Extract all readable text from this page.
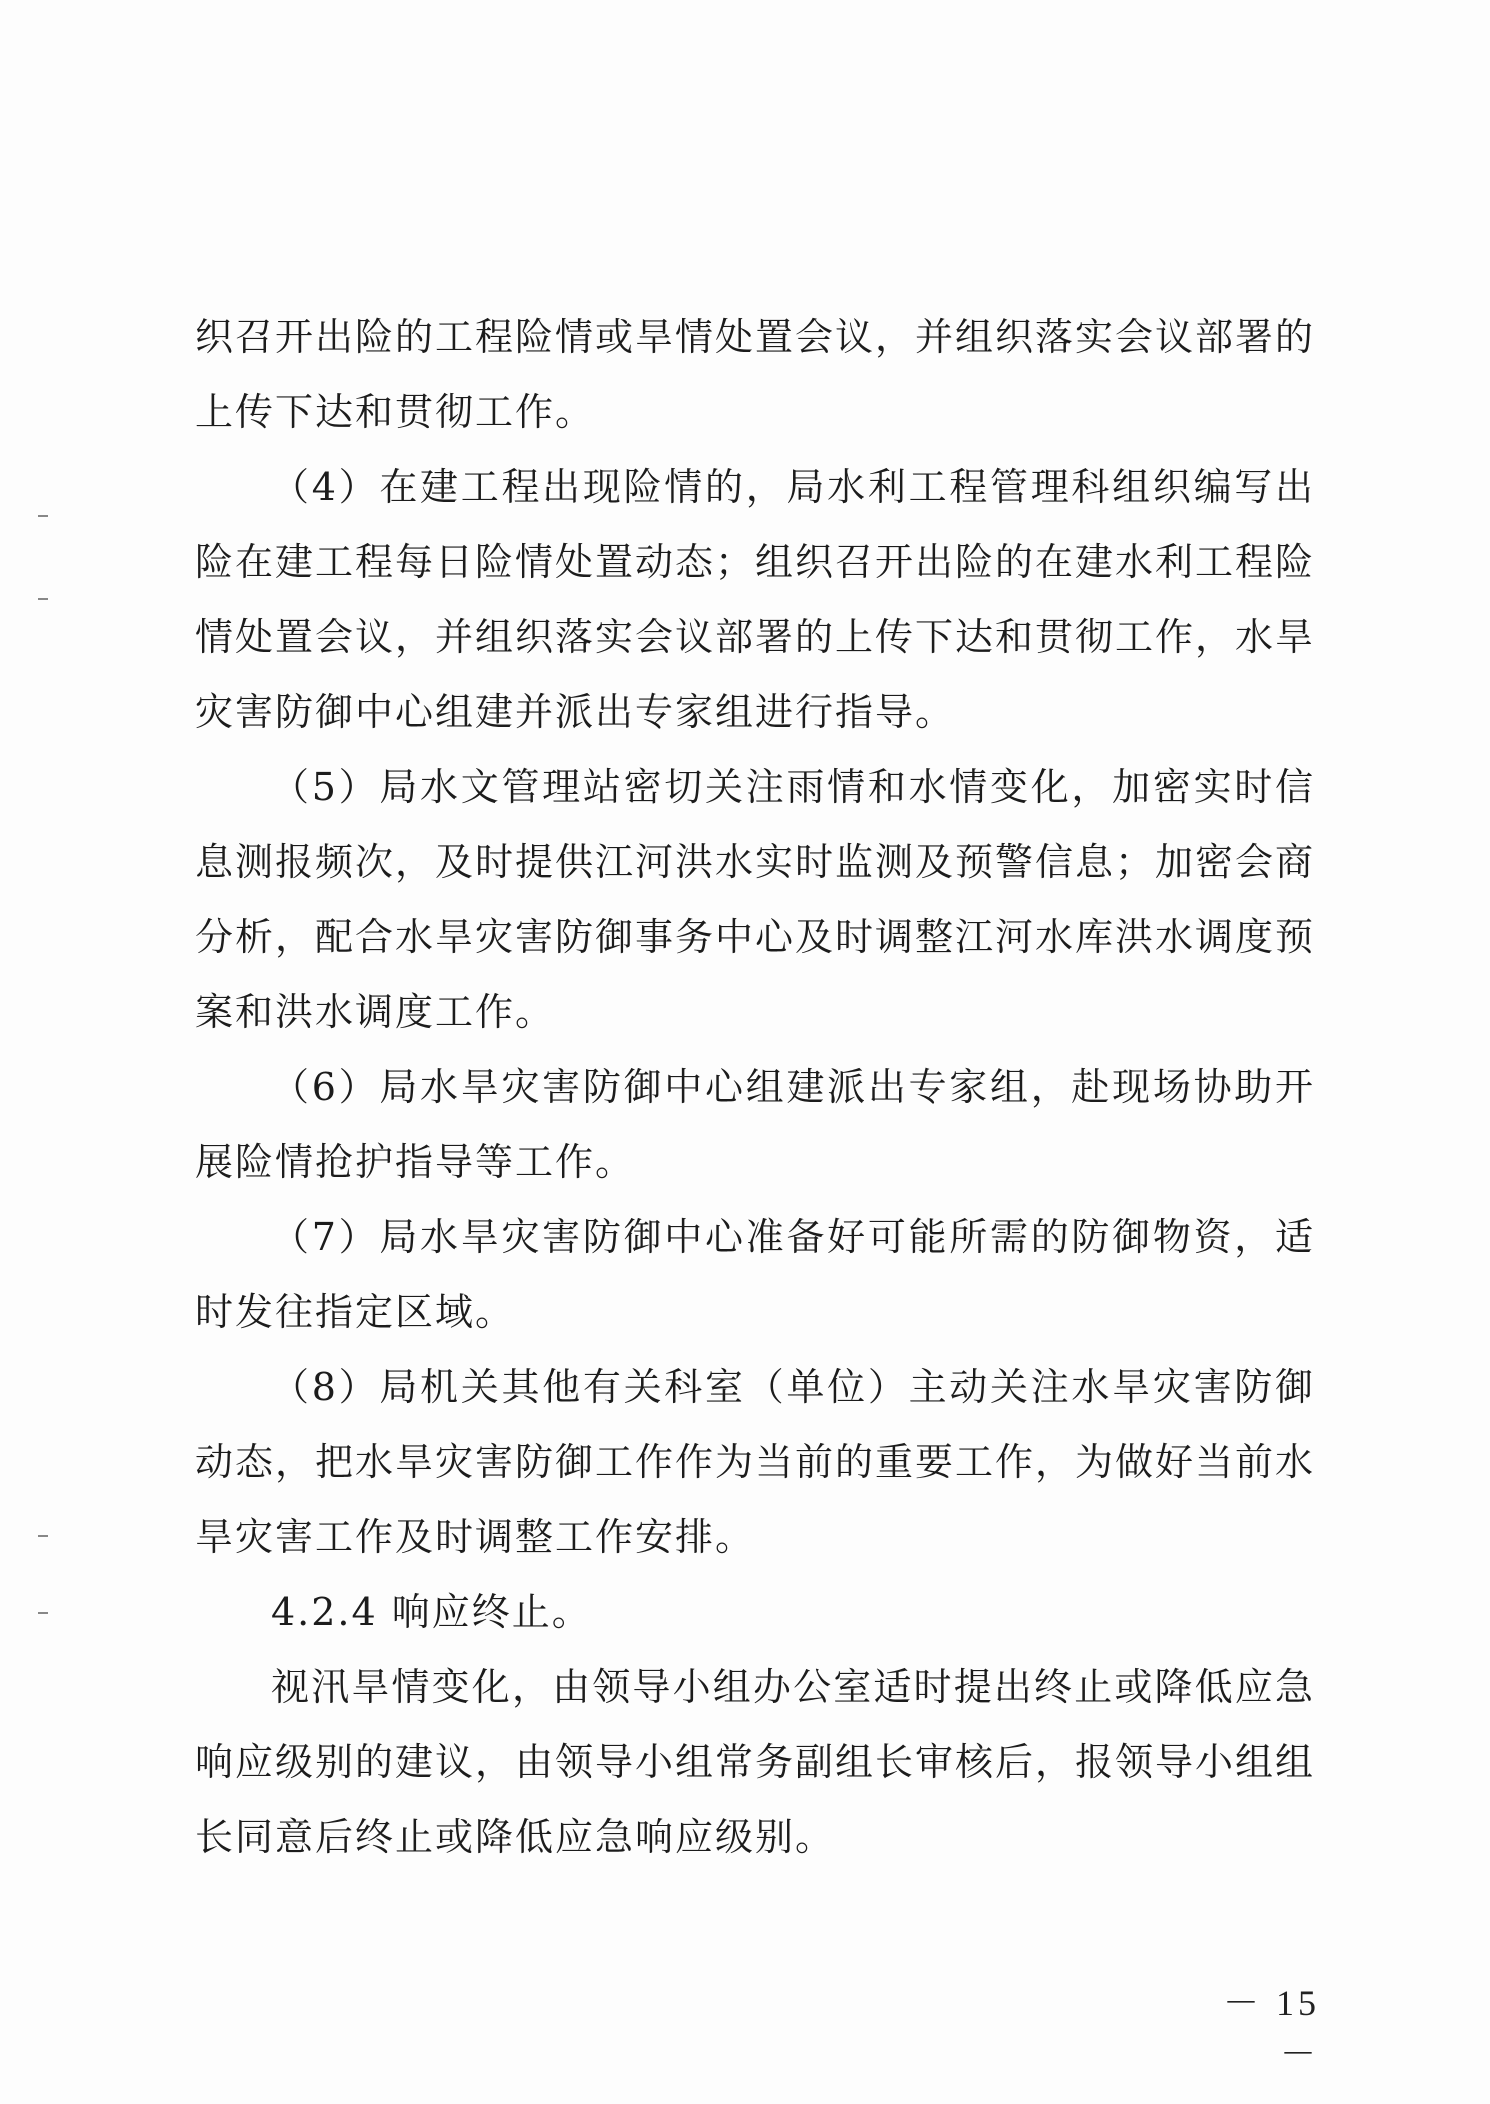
织召开出险的工程险情或旱情处置会议，并组织落实会议部署的上传下达和贯彻工作。

（4）在建工程出现险情的，局水利工程管理科组织编写出险在建工程每日险情处置动态；组织召开出险的在建水利工程险情处置会议，并组织落实会议部署的上传下达和贯彻工作，水旱灾害防御中心组建并派出专家组进行指导。

（5）局水文管理站密切关注雨情和水情变化，加密实时信息测报频次，及时提供江河洪水实时监测及预警信息；加密会商分析，配合水旱灾害防御事务中心及时调整江河水库洪水调度预案和洪水调度工作。

（6）局水旱灾害防御中心组建派出专家组，赴现场协助开展险情抢护指导等工作。

（7）局水旱灾害防御中心准备好可能所需的防御物资，适时发往指定区域。

（8）局机关其他有关科室（单位）主动关注水旱灾害防御动态，把水旱灾害防御工作作为当前的重要工作，为做好当前水旱灾害工作及时调整工作安排。

4.2.4 响应终止。

视汛旱情变化，由领导小组办公室适时提出终止或降低应急响应级别的建议，由领导小组常务副组长审核后，报领导小组组长同意后终止或降低应急响应级别。

－ 15 －
